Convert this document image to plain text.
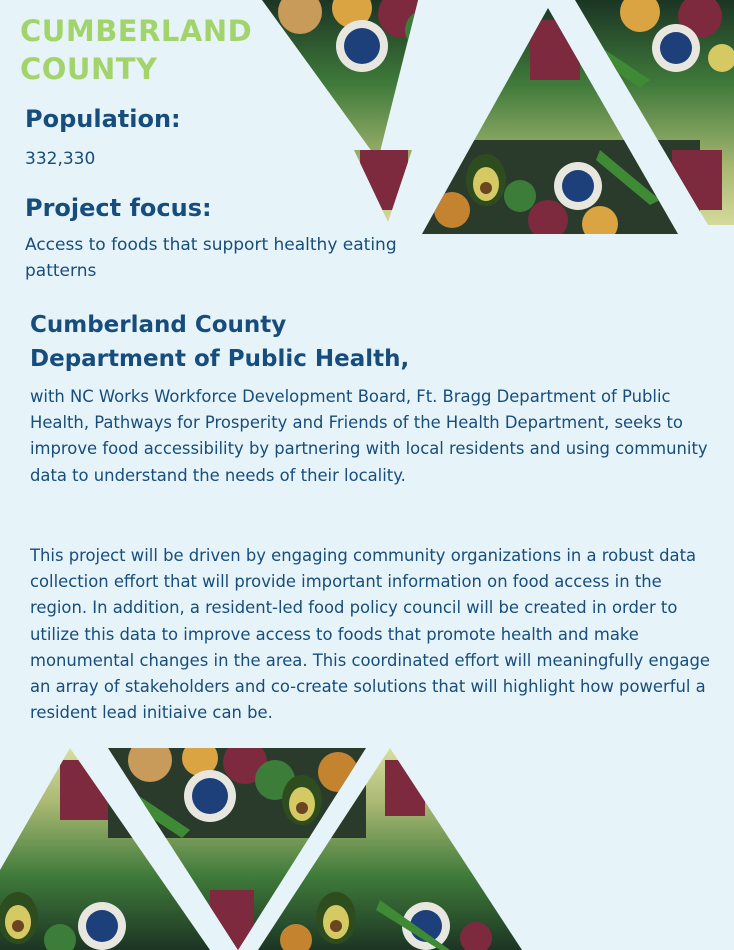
CUMBERLAND
COUNTY
Population:

332,330

Project focus:

Access to foods that support healthy eating
patterns

Cumberland County
Department of Public Health,

with NC Works Workforce Development Board, Ft. Bragg Department of Public Health, Pathways for Prosperity and Friends of the Health Department, seeks to improve food accessibility by partnering with local residents and using community data to understand the needs of their locality.

This project will be driven by engaging community organizations in a robust data collection effort that will provide important information on food access in the region. In addition, a resident-led food policy council will be created in order to utilize this data to improve access to foods that promote health and make monumental changes in the area. This coordinated effort will meaningfully engage an array of stakeholders and co-create solutions that will highlight how powerful a resident lead initiaive can be.
